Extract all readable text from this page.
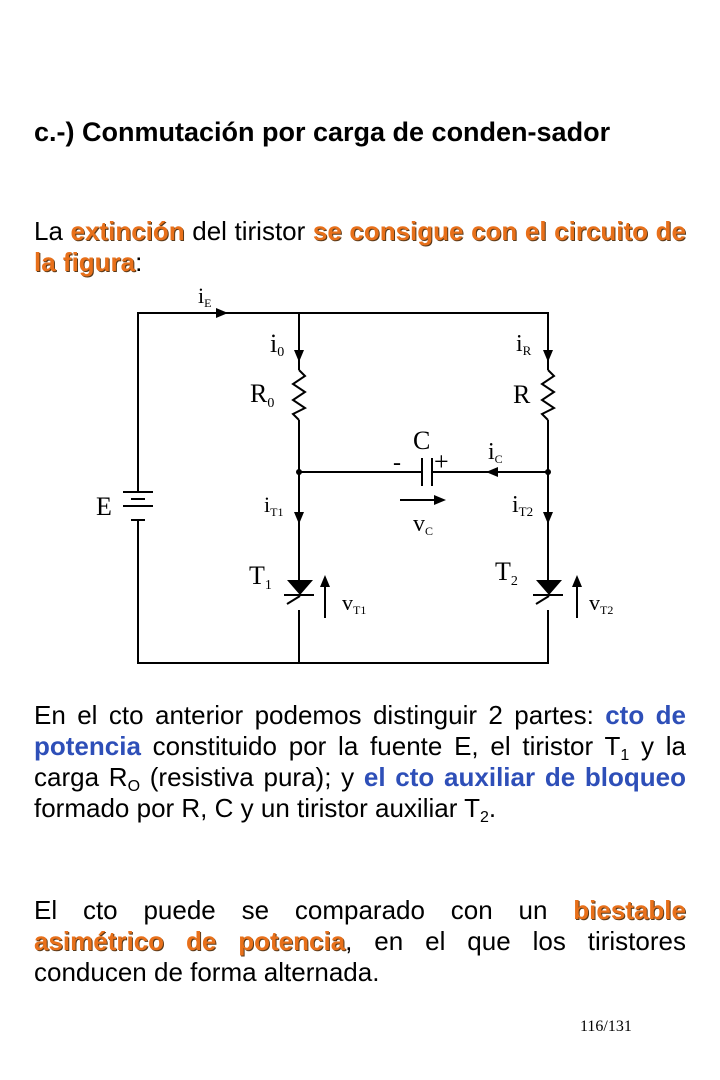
c.-) Conmutación por carga de conden-sador
La extinción del tiristor se consigue con el circuito de la figura:
iE
i0	iR
R0	R
C
- + iC
E	iT1	vC
iT2
T1
vT1
T2
vT2
En el cto anterior podemos distinguir 2 partes: cto de potencia constituido por la fuente E, el tiristor $T_1$ y la carga $R_O$ (resistiva pura); y el cto auxiliar de bloqueo formado por R, C y un tiristor auxiliar $T_2$.
El cto puede se comparado con un biestable asimétrico de potencia, en el que los tiristores conducen de forma alternada.
116/131
